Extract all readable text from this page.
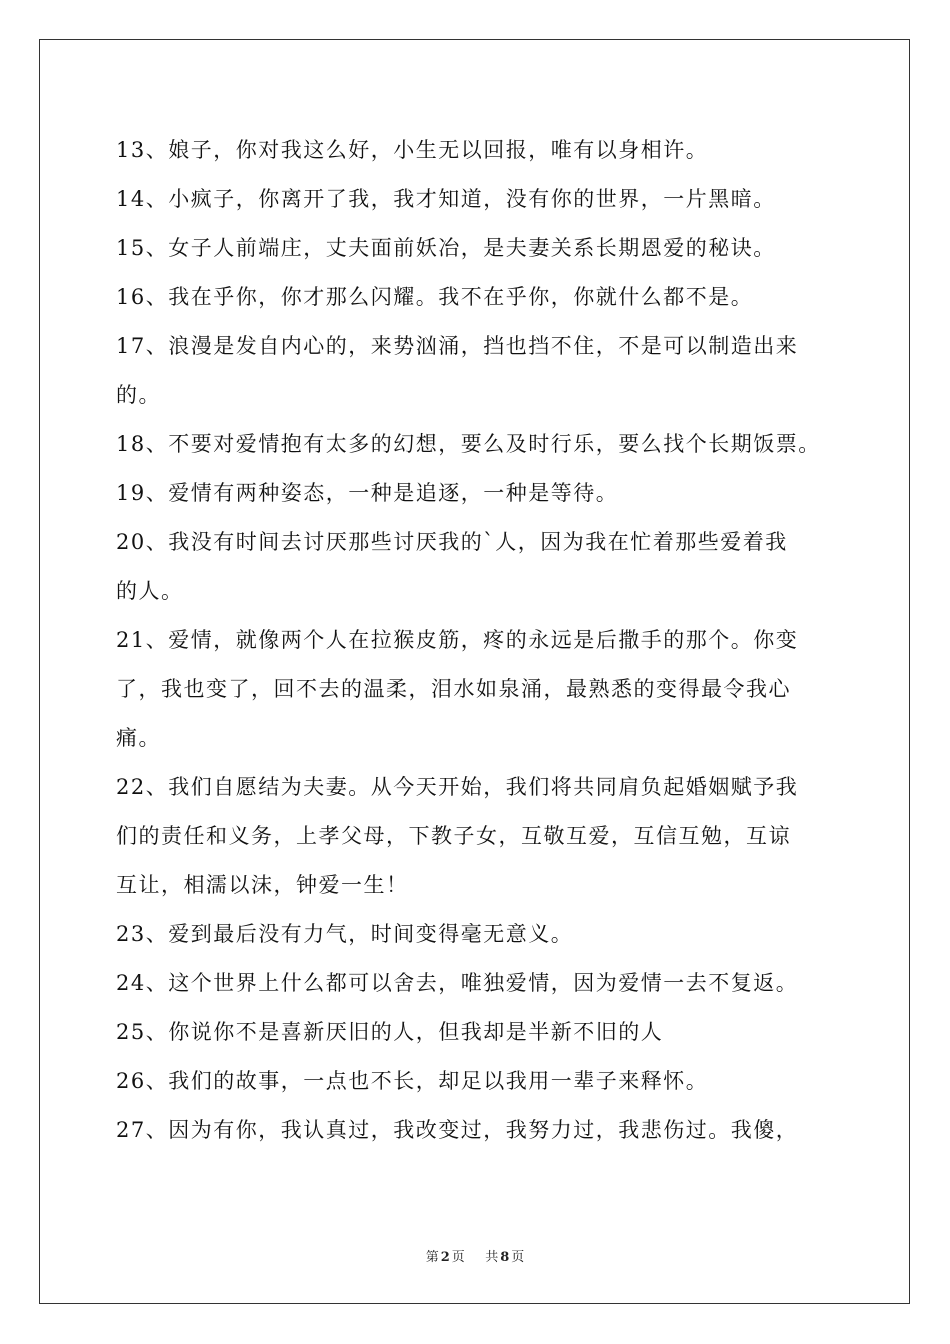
13、娘子，你对我这么好，小生无以回报，唯有以身相许。

14、小疯子，你离开了我，我才知道，没有你的世界，一片黑暗。

15、女子人前端庄，丈夫面前妖冶，是夫妻关系长期恩爱的秘诀。

16、我在乎你，你才那么闪耀。我不在乎你，你就什么都不是。

17、浪漫是发自内心的，来势汹涌，挡也挡不住，不是可以制造出来

的。

18、不要对爱情抱有太多的幻想，要么及时行乐，要么找个长期饭票。

19、爱情有两种姿态，一种是追逐，一种是等待。

20、我没有时间去讨厌那些讨厌我的`人，因为我在忙着那些爱着我

的人。

21、爱情，就像两个人在拉猴皮筋，疼的永远是后撒手的那个。你变

了，我也变了，回不去的温柔，泪水如泉涌，最熟悉的变得最令我心

痛。

22、我们自愿结为夫妻。从今天开始，我们将共同肩负起婚姻赋予我

们的责任和义务，上孝父母，下教子女，互敬互爱，互信互勉，互谅

互让，相濡以沫，钟爱一生！

23、爱到最后没有力气，时间变得毫无意义。

24、这个世界上什么都可以舍去，唯独爱情，因为爱情一去不复返。

25、你说你不是喜新厌旧的人，但我却是半新不旧的人

26、我们的故事，一点也不长，却足以我用一辈子来释怀。

27、因为有你，我认真过，我改变过，我努力过，我悲伤过。我傻，

第 2 页 共 8 页
